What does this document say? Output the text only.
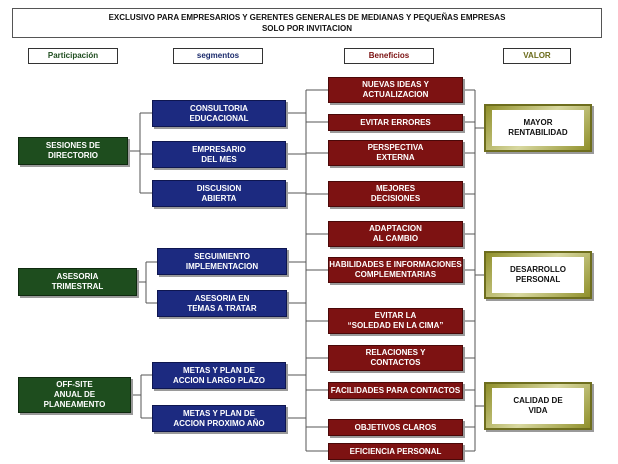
EXCLUSIVO PARA EMPRESARIOS Y GERENTES GENERALES DE MEDIANAS Y PEQUEÑAS EMPRESAS
SOLO POR INVITACION
Participación	segmentos	Beneficios	VALOR
SESIONES DE
DIRECTORIO
ASESORIA
TRIMESTRAL
OFF-SITE
ANUAL DE
PLANEAMENTO
CONSULTORIA
EDUCACIONAL
EMPRESARIO
DEL MES
DISCUSION
ABIERTA
SEGUIMIENTO
IMPLEMENTACION
ASESORIA EN
TEMAS A TRATAR
METAS Y PLAN DE
ACCION LARGO PLAZO
METAS Y PLAN DE
ACCION PROXIMO AÑO
NUEVAS IDEAS Y
ACTUALIZACION
EVITAR ERRORES
PERSPECTIVA
EXTERNA
MEJORES
DECISIONES
ADAPTACION
AL CAMBIO
HABILIDADES E INFORMACIONES
COMPLEMENTARIAS
EVITAR LA
“SOLEDAD EN LA CIMA”
RELACIONES Y
CONTACTOS
FACILIDADES PARA CONTACTOS
OBJETIVOS CLAROS
EFICIENCIA PERSONAL
MAYOR
RENTABILIDAD
DESARROLLO
PERSONAL
CALIDAD DE
VIDA
